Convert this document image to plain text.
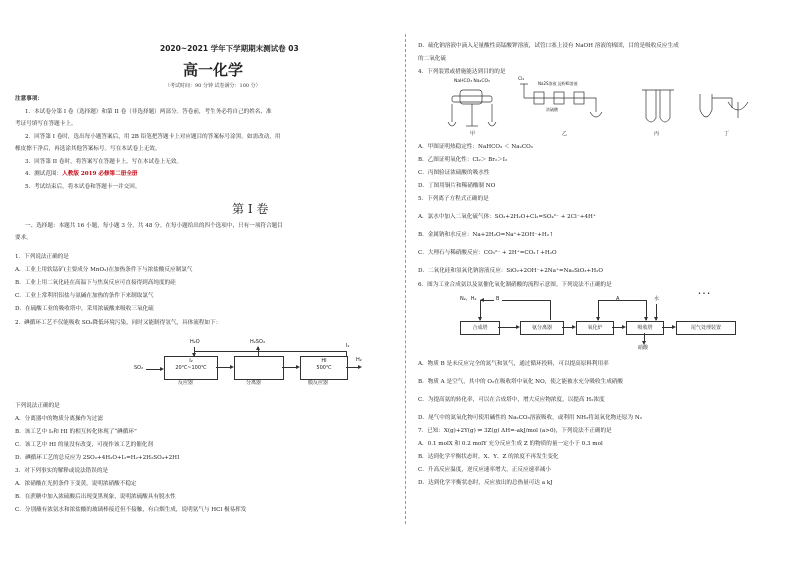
2020~2021 学年下学期期末测试卷 03
高一化学
（考试时间：90 分钟 试卷满分：100 分）
注意事项：
1．本试卷分第 I 卷（选择题）和第 II 卷（非选择题）两部分。答卷前，考生务必将自己的姓名、准
考证号填写在答题卡上。
2．回答第 I 卷时，选出每小题答案后，用 2B 铅笔把答题卡上对应题目的答案标号涂黑。如需改动，用
橡皮擦干净后，再选涂其他答案标号。写在本试卷上无效。
3．回答第 II 卷时，将答案写在答题卡上。写在本试卷上无效。
4．测试范围：人教版 2019 必修第二册全册
5．考试结束后，将本试卷和答题卡一并交回。
第 I 卷
一、选择题：本题共 16 小题，每小题 3 分，共 48 分。在每小题给出的四个选项中，只有一项符合题目
要求。
1．下列说法正确的是
A．工业上用软锰矿(主要成分 MnO₂)在加热条件下与浓盐酸反应制氯气
B．工业上用二氧化硅在高温下与焦炭反应可直接得到高纯度的硅
C．工业上常利用铝盐与氨碱在加热的条件下来制取氯气
D．在硫酸工业的吸收塔中，采用浓硫酸来吸收三氧化硫
2．碘循环工艺不仅能吸收 SO₂降低环境污染，同时又能制得氢气，具体流程如下：
H₂O	H₂SO₄
I₂
SO₂
I₂
20℃~100℃
反应器	分离器
HI
500℃
膜反应器
H₂
下列说法正确的是
A．分离器中的物质分离操作为过滤
B．该工艺中 I₂和 HI 的相互转化体现了“碘循环”
C．该工艺中 HI 的量没有改变，可视作该工艺的催化剂
D．碘循环工艺的总反应为 2SO₂+4H₂O+I₂=H₂+2H₂SO₄+2HI
3．对下列事实的解释或说法错误的是
A．浓硝酸在光照条件下变黄，说明浓硝酸不稳定
B．在蔗糖中加入浓硫酸后出现变黑现象，说明浓硫酸具有脱水性
C．分别蘸有浓氨水和浓盐酸的玻璃棒接近但不接触，有白烟生成，说明氨气与 HCl 极易挥发
D．硫化钠溶液中滴入足量酸性高锰酸钾溶液，试管口塞上浸有 NaOH 溶液的棉团，目的是吸收反应生成
的二氧化硫
4．下列装置或措施能达到目的的是
NaHCO₃ Na₂CO₃	Cl₂
Na2S溶液 淀粉KI溶液
浓硫酸
甲	乙	丙	丁
A．甲图证明热稳定性：NaHCO₃ ＜ Na₂CO₃
B．乙图证明氧化性：Cl₂＞ Br₂＞I₂
C．丙图验证浓硫酸的吸水性
D．丁图用铜片和稀硝酸制 NO
5．下列离子方程式正确的是
A．氯水中加入二氧化硫气体：SO₂+2H₂O+Cl₂=SO₄²⁻ + 2Cl⁻+4H⁺
B．金属钠和水反应：Na+2H₂O=Na⁺+2OH⁻+H₂↑
C．大理石与稀硝酸反应：CO₃²⁻ + 2H⁺=CO₂↑+H₂O
D．二氧化硅和氢氧化钠溶液反应：SiO₂+2OH⁻+2Na⁺=Na₂SiO₃+H₂O
6．图为工业合成氨以及氨催化氧化制硝酸的流程示意图。下列说法不正确的是
N₂、H₂	B
合成塔	氨分离器	氧化炉	吸收塔	尾气处理装置
A	水
硝酸
• • •
A．物质 B 是未反应完全的氮气和氢气，通过循环投料，可以提高原料利用率
B．物质 A 是空气，其中的 O₂在吸收塔中氧化 NO，使之能被水充分吸收生成硝酸
C．为提高氨的转化率，可以在合成塔中，增大反应物浓度，以提高 H₂浓度
D．尾气中的氮氧化物可使用碱性的 Na₂CO₃溶液吸收，或利用 NH₃将氮氧化物还原为 N₂
7．已知：X(g)+2Y(g) ⇌ 3Z(g) ΔH=-akJ/mol (a>0)，下列说法不正确的是
A．0.1 molX 和 0.2 molY 充分反应生成 Z 的物质的量一定小于 0.3 mol
B．达到化学平衡状态时，X、Y、Z 的浓度不再发生变化
C．升高反应温度，逆反应速率增大，正反应速率减小
D．达到化学平衡状态时，反应放出的总热量可达 a kJ
